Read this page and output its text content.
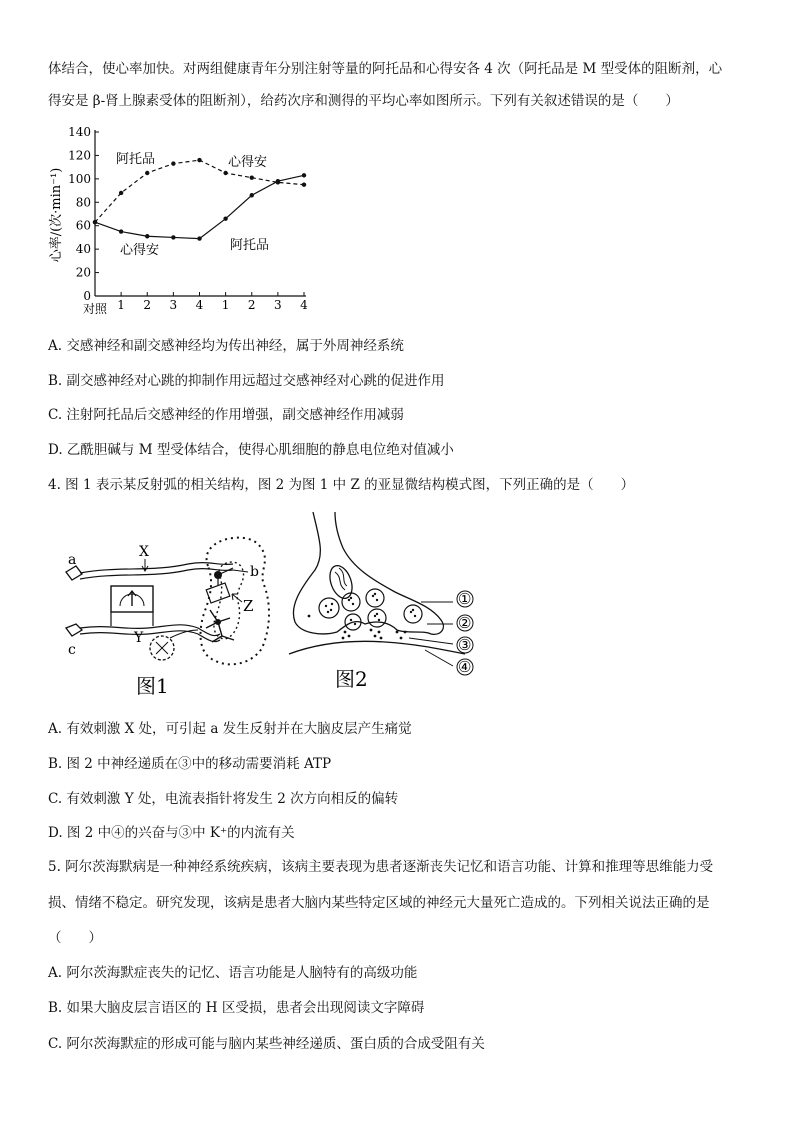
体结合，使心率加快。对两组健康青年分别注射等量的阿托品和心得安各 4 次（阿托品是 M 型受体的阻断剂，心
得安是 β-肾上腺素受体的阻断剂），给药次序和测得的平均心率如图所示。下列有关叙述错误的是（　　）
0
20
40
60
80
100
120
140
对照 1 2 3 4 1 2 3 4
阿托品	心得安
心得安	阿托品
心率/(次·min⁻¹)
A. 交感神经和副交感神经均为传出神经，属于外周神经系统
B. 副交感神经对心跳的抑制作用远超过交感神经对心跳的促进作用
C. 注射阿托品后交感神经的作用增强，副交感神经作用减弱
D. 乙酰胆碱与 M 型受体结合，使得心肌细胞的静息电位绝对值减小
4. 图 1 表示某反射弧的相关结构，图 2 为图 1 中 Z 的亚显微结构模式图，下列正确的是（　　）
a	X
b
Z
c
Y
图1
①
②
③
④
图2
A. 有效刺激 X 处，可引起 a 发生反射并在大脑皮层产生痛觉
B. 图 2 中神经递质在③中的移动需要消耗 ATP
C. 有效刺激 Y 处，电流表指针将发生 2 次方向相反的偏转
D. 图 2 中④的兴奋与③中 K⁺的内流有关
5. 阿尔茨海默病是一种神经系统疾病，该病主要表现为患者逐渐丧失记忆和语言功能、计算和推理等思维能力受
损、情绪不稳定。研究发现，该病是患者大脑内某些特定区域的神经元大量死亡造成的。下列相关说法正确的是
（　　）
A. 阿尔茨海默症丧失的记忆、语言功能是人脑特有的高级功能
B. 如果大脑皮层言语区的 H 区受损，患者会出现阅读文字障碍
C. 阿尔茨海默症的形成可能与脑内某些神经递质、蛋白质的合成受阻有关
